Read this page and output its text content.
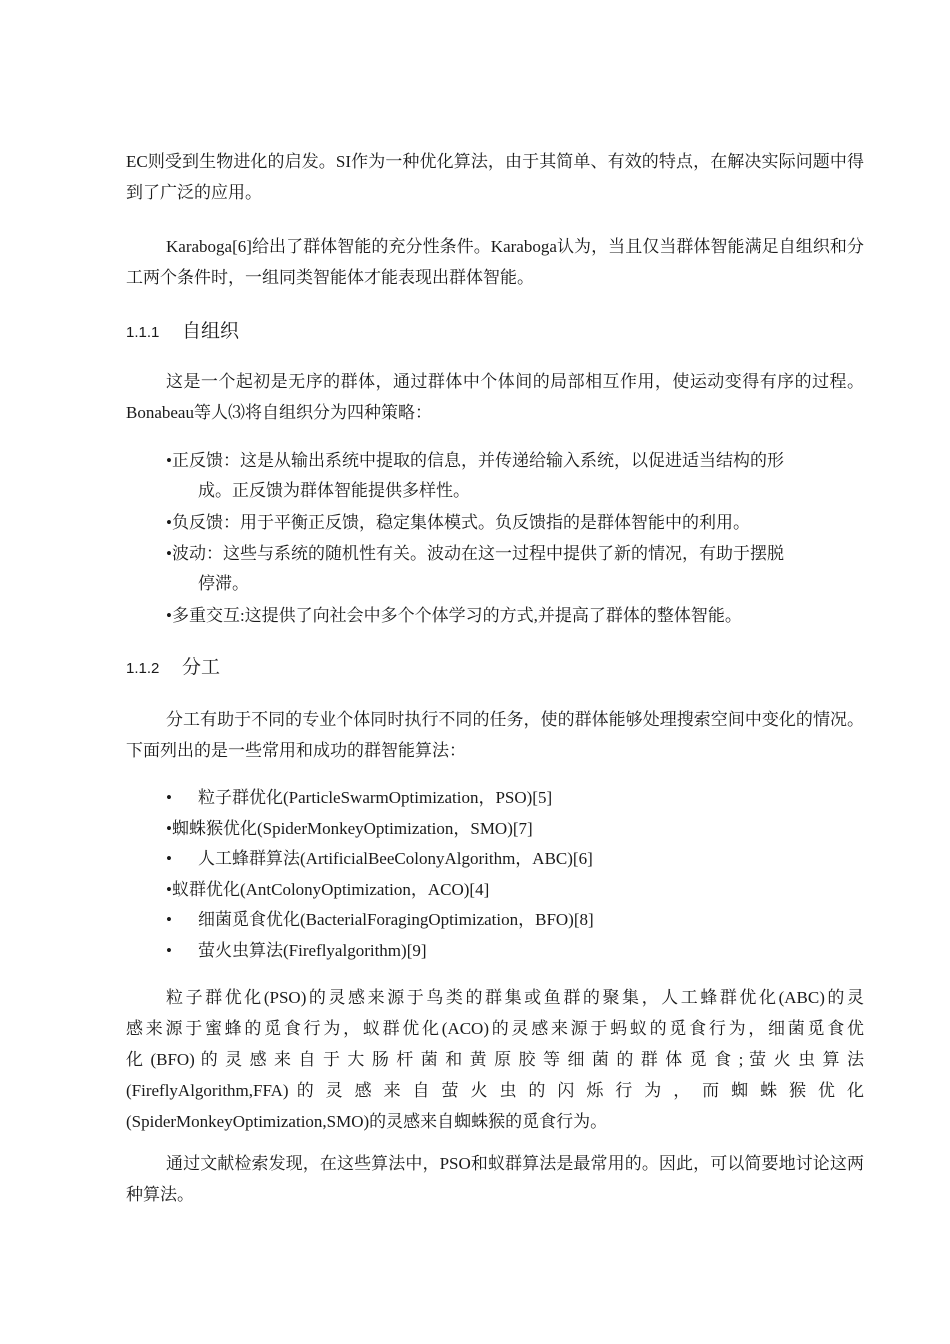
EC则受到生物进化的启发。SI作为一种优化算法，由于其简单、有效的特点，在解决实际问题中得到了广泛的应用。

Karaboga[6]给出了群体智能的充分性条件。Karaboga认为，当且仅当群体智能满足自组织和分工两个条件时，一组同类智能体才能表现出群体智能。

1.1.1	自组织

这是一个起初是无序的群体，通过群体中个体间的局部相互作用，使运动变得有序的过程。Bonabeau等人⑶将自组织分为四种策略：

•正反馈：这是从输出系统中提取的信息，并传递给输入系统，以促进适当结构的形
成。正反馈为群体智能提供多样性。

•负反馈：用于平衡正反馈，稳定集体模式。负反馈指的是群体智能中的利用。

•波动：这些与系统的随机性有关。波动在这一过程中提供了新的情况，有助于摆脱
停滞。

•多重交互:这提供了向社会中多个个体学习的方式,并提高了群体的整体智能。

1.1.2	分工

分工有助于不同的专业个体同时执行不同的任务，使的群体能够处理搜索空间中变化的情况。下面列出的是一些常用和成功的群智能算法：

• 粒子群优化(ParticleSwarmOptimization，PSO)[5]

•蜘蛛猴优化(SpiderMonkeyOptimization，SMO)[7]

• 人工蜂群算法(ArtificialBeeColonyAlgorithm，ABC)[6]

•蚁群优化(AntColonyOptimization，ACO)[4]

• 细菌觅食优化(BacterialForagingOptimization，BFO)[8]

• 萤火虫算法(Fireflyalgorithm)[9]

粒子群优化(PSO)的灵感来源于鸟类的群集或鱼群的聚集，人工蜂群优化(ABC)的灵
感来源于蜜蜂的觅食行为，蚁群优化(ACO)的灵感来源于蚂蚁的觅食行为，细菌觅食优
化 (BFO) 的 灵 感 来 自 于 大 肠 杆 菌 和 黄 原 胶 等 细 菌 的 群 体 觅 食 ; 萤 火 虫 算 法
(FireflyAlgorithm,FFA) 的 灵 感 来 自 萤 火 虫 的 闪 烁 行 为 ， 而 蜘 蛛 猴 优 化
(SpiderMonkeyOptimization,SMO)的灵感来自蜘蛛猴的觅食行为。

通过文献检索发现，在这些算法中，PSO和蚁群算法是最常用的。因此，可以简要地讨论这两种算法。
